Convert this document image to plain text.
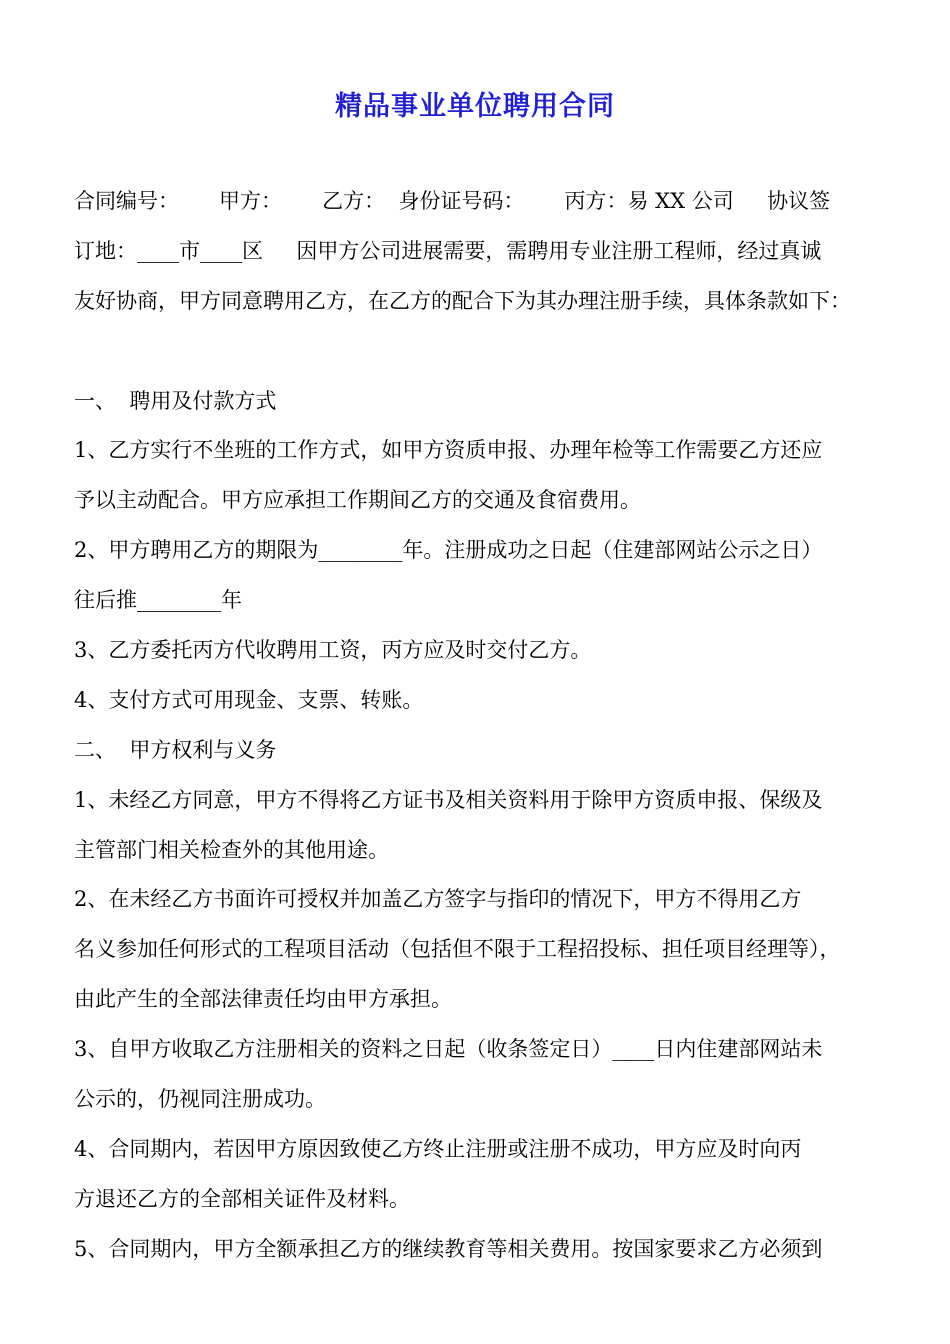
精品事业单位聘用合同
合同编号：      甲方：      乙方：  身份证号码：      丙方：易 XX 公司     协议签
订地：____市____区     因甲方公司进展需要，需聘用专业注册工程师，经过真诚
友好协商，甲方同意聘用乙方，在乙方的配合下为其办理注册手续，具体条款如下：
一、  聘用及付款方式
1、乙方实行不坐班的工作方式，如甲方资质申报、办理年检等工作需要乙方还应
予以主动配合。甲方应承担工作期间乙方的交通及食宿费用。
2、甲方聘用乙方的期限为________年。注册成功之日起（住建部网站公示之日）
往后推________年
3、乙方委托丙方代收聘用工资，丙方应及时交付乙方。
4、支付方式可用现金、支票、转账。
二、  甲方权利与义务
1、未经乙方同意，甲方不得将乙方证书及相关资料用于除甲方资质申报、保级及
主管部门相关检查外的其他用途。
2、在未经乙方书面许可授权并加盖乙方签字与指印的情况下，甲方不得用乙方
名义参加任何形式的工程项目活动（包括但不限于工程招投标、担任项目经理等），
由此产生的全部法律责任均由甲方承担。
3、自甲方收取乙方注册相关的资料之日起（收条签定日）____日内住建部网站未
公示的，仍视同注册成功。
4、合同期内，若因甲方原因致使乙方终止注册或注册不成功，甲方应及时向丙
方退还乙方的全部相关证件及材料。
5、合同期内，甲方全额承担乙方的继续教育等相关费用。按国家要求乙方必须到
